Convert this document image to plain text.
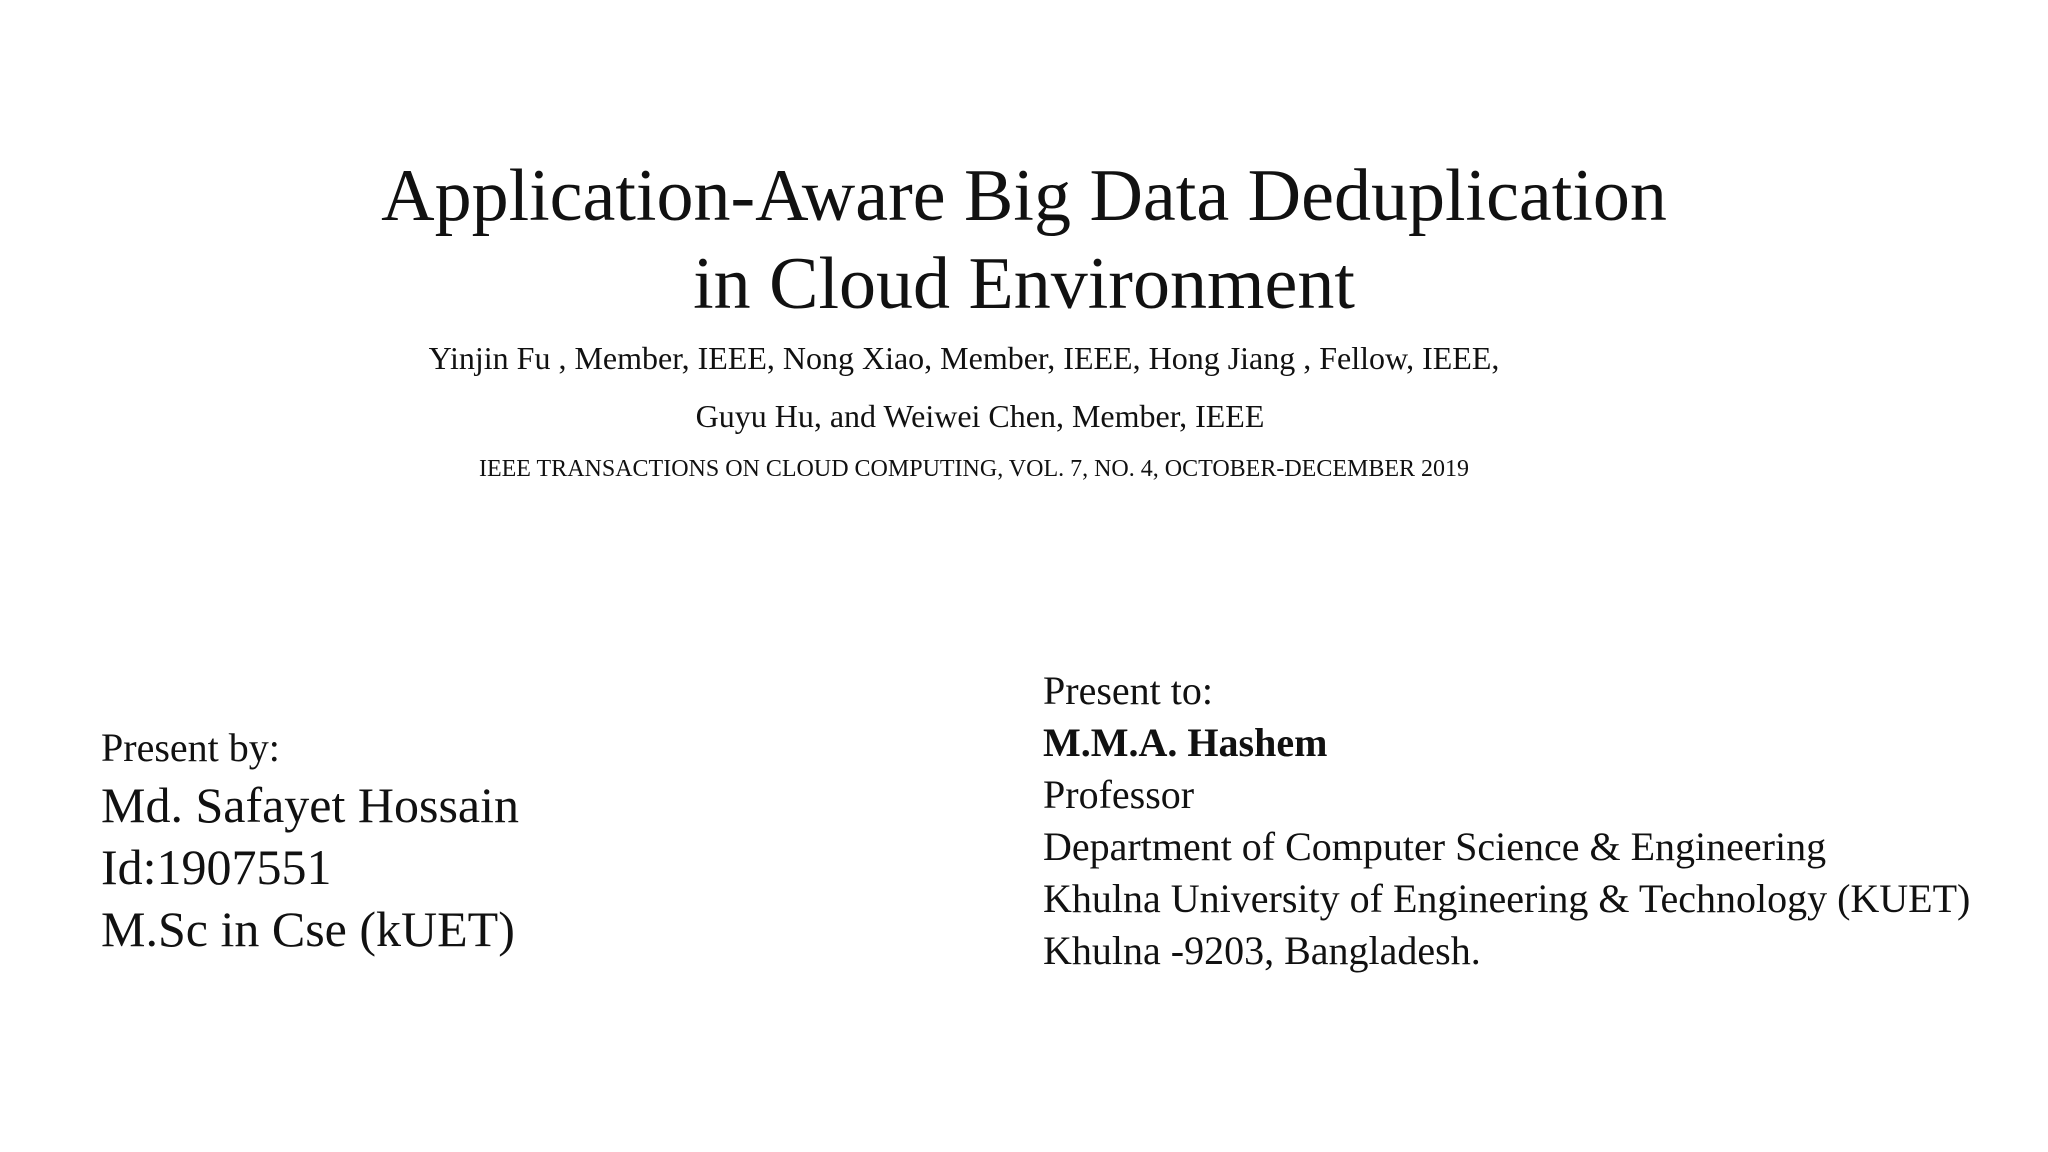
Application-Aware Big Data Deduplication
in Cloud Environment
Yinjin Fu , Member, IEEE, Nong Xiao, Member, IEEE, Hong Jiang , Fellow, IEEE,
Guyu Hu, and Weiwei Chen, Member, IEEE
IEEE TRANSACTIONS ON CLOUD COMPUTING, VOL. 7, NO. 4, OCTOBER-DECEMBER 2019
Present by:
Md. Safayet Hossain
Id:1907551
M.Sc in Cse (kUET)
Present to:
M.M.A. Hashem
Professor
Department of Computer Science & Engineering
Khulna University of Engineering & Technology (KUET)
Khulna -9203, Bangladesh.
